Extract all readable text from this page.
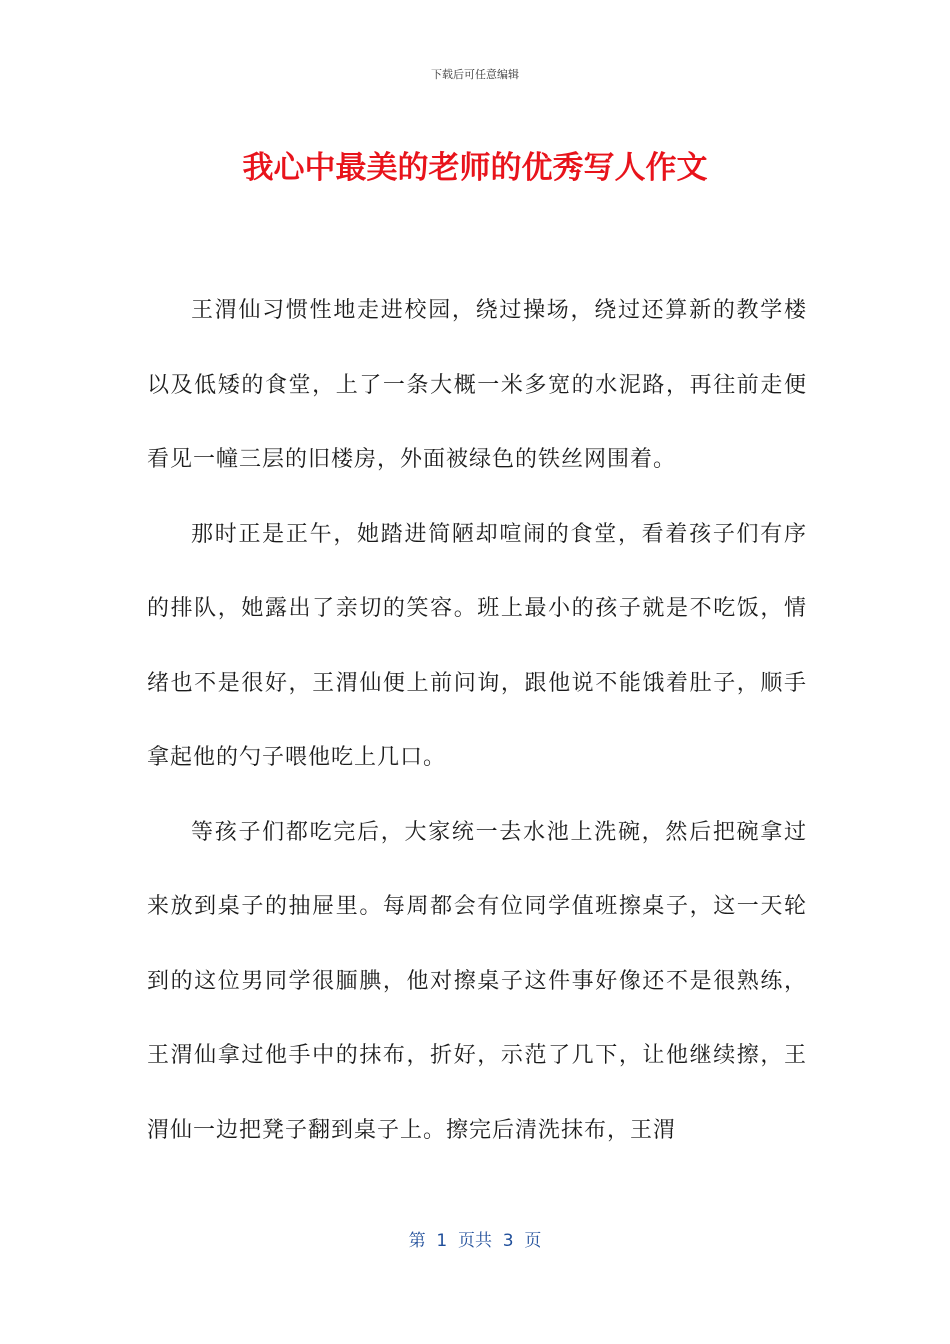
下载后可任意编辑
我心中最美的老师的优秀写人作文

王渭仙习惯性地走进校园，绕过操场，绕过还算新的教学楼以及低矮的食堂，上了一条大概一米多宽的水泥路，再往前走便看见一幢三层的旧楼房，外面被绿色的铁丝网围着。

那时正是正午，她踏进简陋却喧闹的食堂，看着孩子们有序的排队，她露出了亲切的笑容。班上最小的孩子就是不吃饭，情绪也不是很好，王渭仙便上前问询，跟他说不能饿着肚子，顺手拿起他的勺子喂他吃上几口。

等孩子们都吃完后，大家统一去水池上洗碗，然后把碗拿过来放到桌子的抽屉里。每周都会有位同学值班擦桌子，这一天轮到的这位男同学很腼腆，他对擦桌子这件事好像还不是很熟练，王渭仙拿过他手中的抹布，折好，示范了几下，让他继续擦，王渭仙一边把凳子翻到桌子上。擦完后清洗抹布，王渭

第  1  页共  3  页
